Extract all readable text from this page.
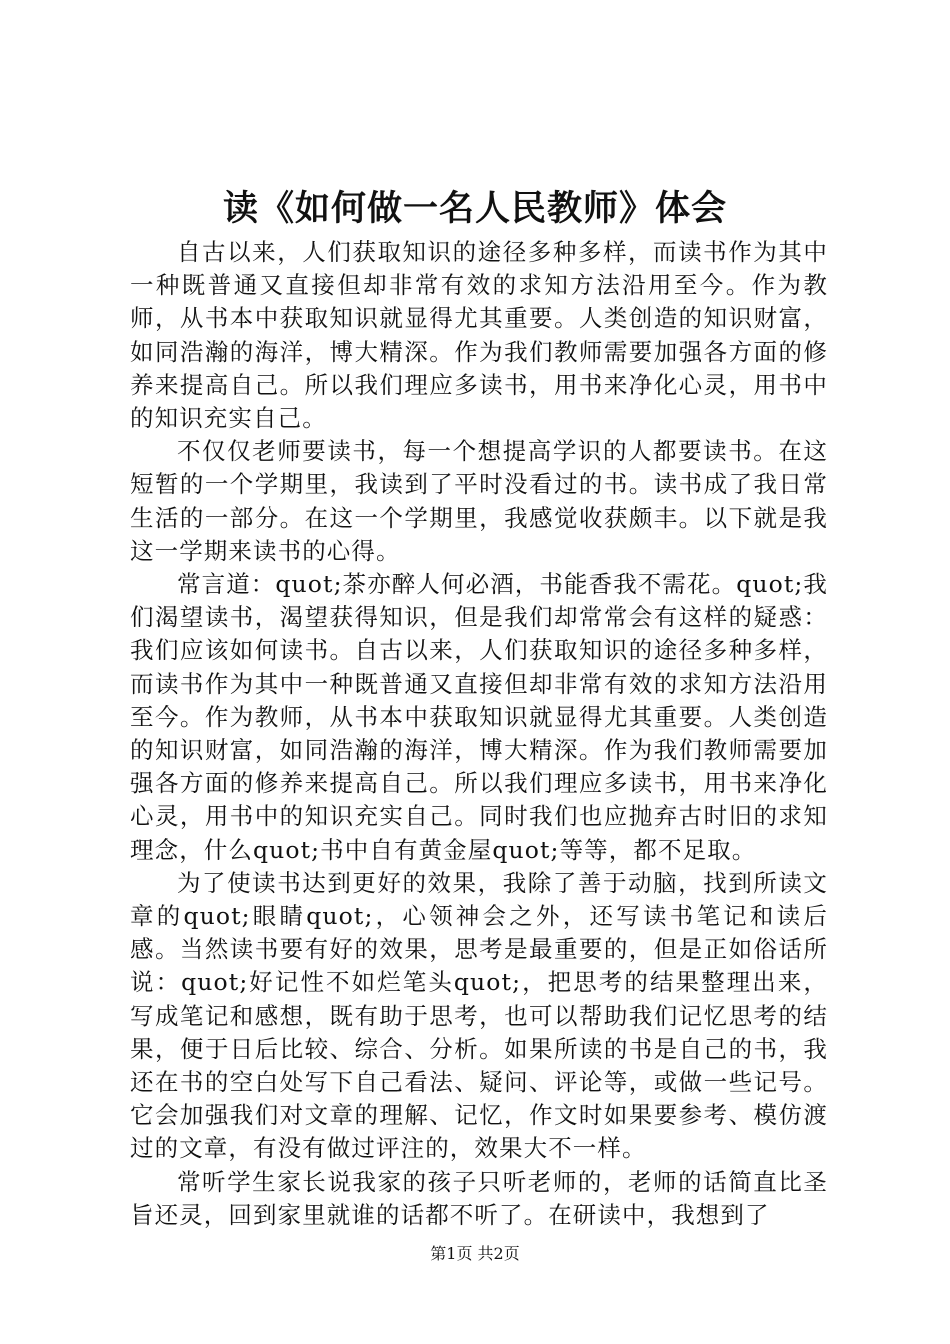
读《如何做一名人民教师》体会

自古以来，人们获取知识的途径多种多样，而读书作为其中一种既普通又直接但却非常有效的求知方法沿用至今。作为教师，从书本中获取知识就显得尤其重要。人类创造的知识财富，如同浩瀚的海洋，博大精深。作为我们教师需要加强各方面的修养来提高自己。所以我们理应多读书，用书来净化心灵，用书中的知识充实自己。

不仅仅老师要读书，每一个想提高学识的人都要读书。在这短暂的一个学期里，我读到了平时没看过的书。读书成了我日常生活的一部分。在这一个学期里，我感觉收获颇丰。以下就是我这一学期来读书的心得。

常言道：quot;茶亦醉人何必酒，书能香我不需花。quot;我们渴望读书，渴望获得知识，但是我们却常常会有这样的疑惑：我们应该如何读书。自古以来，人们获取知识的途径多种多样，而读书作为其中一种既普通又直接但却非常有效的求知方法沿用至今。作为教师，从书本中获取知识就显得尤其重要。人类创造的知识财富，如同浩瀚的海洋，博大精深。作为我们教师需要加强各方面的修养来提高自己。所以我们理应多读书，用书来净化心灵，用书中的知识充实自己。同时我们也应抛弃古时旧的求知理念，什么quot;书中自有黄金屋quot;等等，都不足取。

为了使读书达到更好的效果，我除了善于动脑，找到所读文章的quot;眼睛quot;，心领神会之外，还写读书笔记和读后感。当然读书要有好的效果，思考是最重要的，但是正如俗话所说：quot;好记性不如烂笔头quot;，把思考的结果整理出来，写成笔记和感想，既有助于思考，也可以帮助我们记忆思考的结果，便于日后比较、综合、分析。如果所读的书是自己的书，我还在书的空白处写下自己看法、疑问、评论等，或做一些记号。它会加强我们对文章的理解、记忆，作文时如果要参考、模仿渡过的文章，有没有做过评注的，效果大不一样。

常听学生家长说我家的孩子只听老师的，老师的话简直比圣旨还灵，回到家里就谁的话都不听了。在研读中，我想到了

第1页 共2页
